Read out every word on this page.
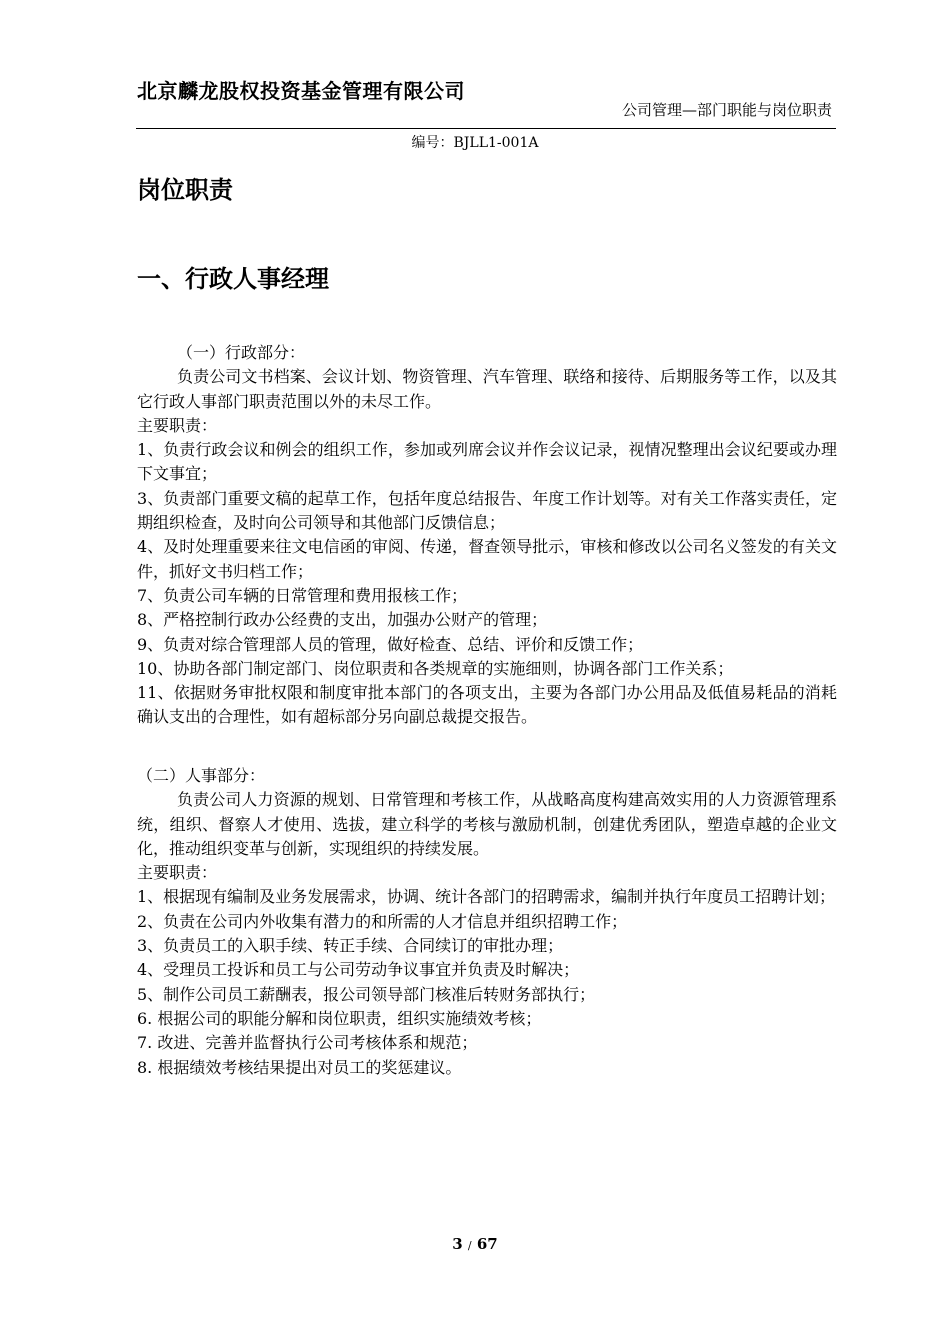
北京麟龙股权投资基金管理有限公司
公司管理—部门职能与岗位职责
编号：BJLL1-001A
岗位职责
一、行政人事经理

（一）行政部分：

负责公司文书档案、会议计划、物资管理、汽车管理、联络和接待、后期服务等工作，以及其它行政人事部门职责范围以外的未尽工作。

主要职责：

1、负责行政会议和例会的组织工作，参加或列席会议并作会议记录，视情况整理出会议纪要或办理下文事宜；

3、负责部门重要文稿的起草工作，包括年度总结报告、年度工作计划等。对有关工作落实责任，定期组织检查，及时向公司领导和其他部门反馈信息；

4、及时处理重要来往文电信函的审阅、传递，督查领导批示，审核和修改以公司名义签发的有关文件，抓好文书归档工作；

7、负责公司车辆的日常管理和费用报核工作；

8、严格控制行政办公经费的支出，加强办公财产的管理；

9、负责对综合管理部人员的管理，做好检查、总结、评价和反馈工作；

10、协助各部门制定部门、岗位职责和各类规章的实施细则，协调各部门工作关系；

11、依据财务审批权限和制度审批本部门的各项支出，主要为各部门办公用品及低值易耗品的消耗确认支出的合理性，如有超标部分另向副总裁提交报告。

（二）人事部分：

负责公司人力资源的规划、日常管理和考核工作，从战略高度构建高效实用的人力资源管理系统，组织、督察人才使用、选拔，建立科学的考核与激励机制，创建优秀团队，塑造卓越的企业文化，推动组织变革与创新，实现组织的持续发展。

主要职责：

1、根据现有编制及业务发展需求，协调、统计各部门的招聘需求，编制并执行年度员工招聘计划；

2、负责在公司内外收集有潜力的和所需的人才信息并组织招聘工作；

3、负责员工的入职手续、转正手续、合同续订的审批办理；

4、受理员工投诉和员工与公司劳动争议事宜并负责及时解决；

5、制作公司员工薪酬表，报公司领导部门核准后转财务部执行；

6. 根据公司的职能分解和岗位职责，组织实施绩效考核；

7. 改进、完善并监督执行公司考核体系和规范；

8. 根据绩效考核结果提出对员工的奖惩建议。

3 / 67
